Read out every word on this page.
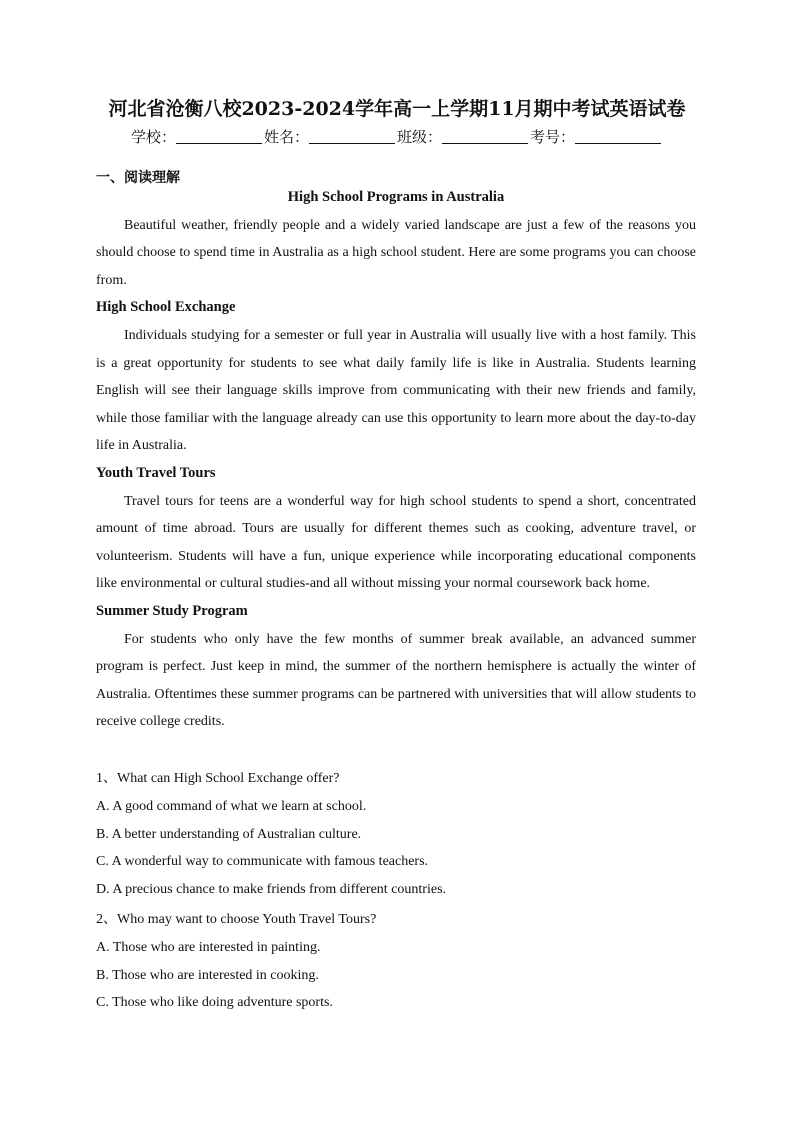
河北省沧衡八校2023-2024学年高一上学期11月期中考试英语试卷
学校：	姓名：	班级：	考号：
一、阅读理解

High School Programs in Australia

Beautiful weather, friendly people and a widely varied landscape are just a few of the reasons you should choose to spend time in Australia as a high school student. Here are some programs you can choose from.

High School Exchange

Individuals studying for a semester or full year in Australia will usually live with a host family. This is a great opportunity for students to see what daily family life is like in Australia. Students learning English will see their language skills improve from communicating with their new friends and family, while those familiar with the language already can use this opportunity to learn more about the day-to-day life in Australia.

Youth Travel Tours

Travel tours for teens are a wonderful way for high school students to spend a short, concentrated amount of time abroad. Tours are usually for different themes such as cooking, adventure travel, or volunteerism. Students will have a fun, unique experience while incorporating educational components like environmental or cultural studies-and all without missing your normal coursework back home.

Summer Study Program

For students who only have the few months of summer break available, an advanced summer program is perfect. Just keep in mind, the summer of the northern hemisphere is actually the winter of Australia. Oftentimes these summer programs can be partnered with universities that will allow students to receive college credits.

1、What can High School Exchange offer?

A. A good command of what we learn at school.

B. A better understanding of Australian culture.

C. A wonderful way to communicate with famous teachers.

D. A precious chance to make friends from different countries.

2、Who may want to choose Youth Travel Tours?

A. Those who are interested in painting.

B. Those who are interested in cooking.

C. Those who like doing adventure sports.
